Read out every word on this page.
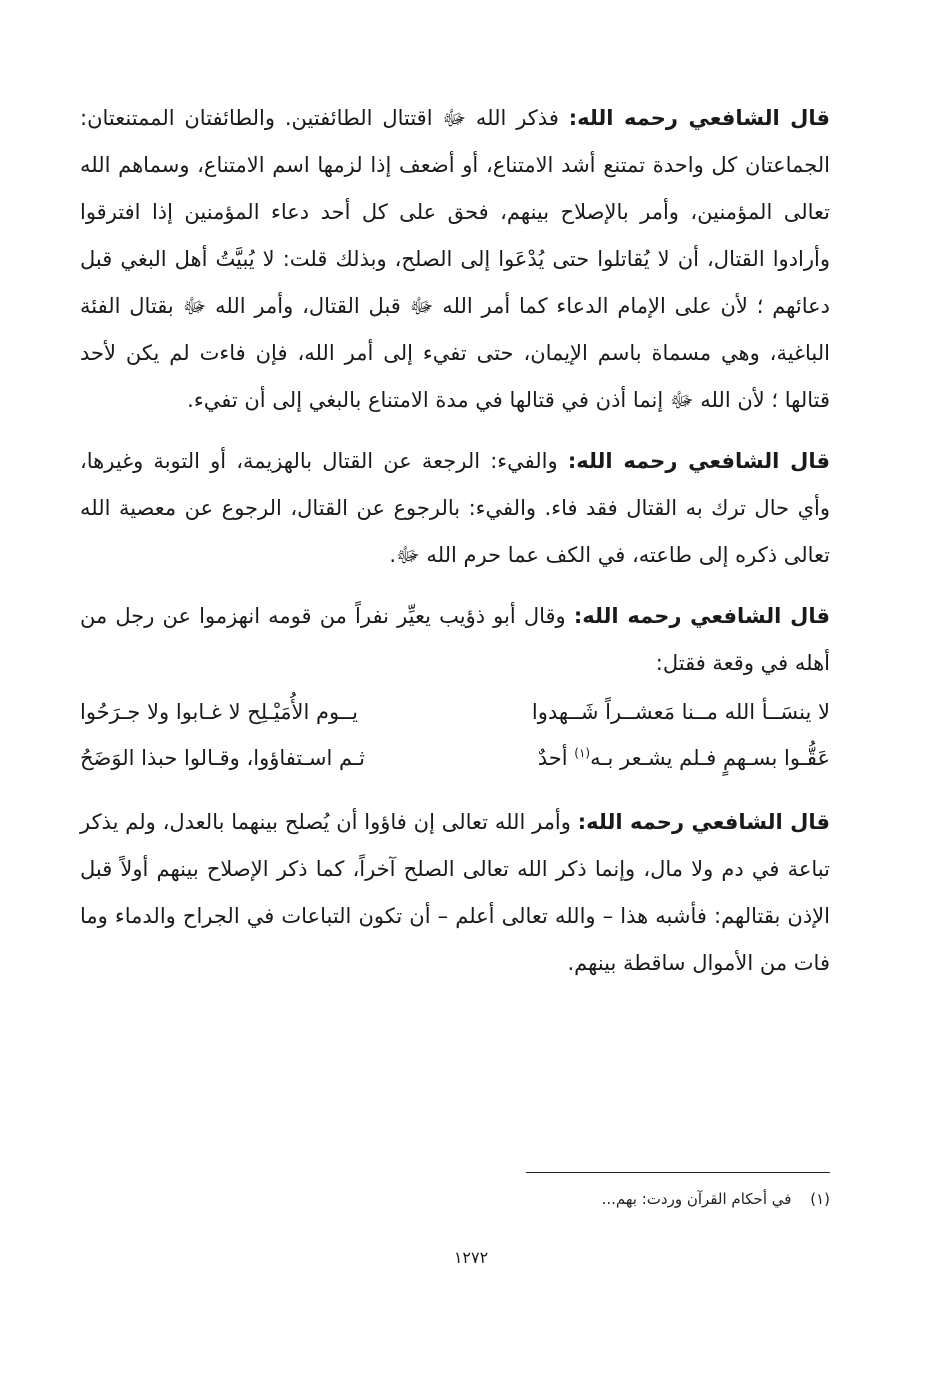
قال الشافعي رحمه الله: فذكر الله ﷻ اقتتال الطائفتين. والطائفتان الممتنعتان: الجماعتان كل واحدة تمتنع أشد الامتناع، أو أضعف إذا لزمها اسم الامتناع، وسماهم الله تعالى المؤمنين، وأمر بالإصلاح بينهم، فحق على كل أحد دعاء المؤمنين إذا افترقوا وأرادوا القتال، أن لا يُقاتلوا حتى يُدْعَوا إلى الصلح، وبذلك قلت: لا يُبيَّتُ أهل البغي قبل دعائهم ؛ لأن على الإمام الدعاء كما أمر الله ﷻ قبل القتال، وأمر الله ﷻ بقتال الفئة الباغية، وهي مسماة باسم الإيمان، حتى تفيء إلى أمر الله، فإن فاءت لم يكن لأحد قتالها ؛ لأن الله ﷻ إنما أذن في قتالها في مدة الامتناع بالبغي إلى أن تفيء.

قال الشافعي رحمه الله: والفيء: الرجعة عن القتال بالهزيمة، أو التوبة وغيرها، وأي حال ترك به القتال فقد فاء. والفيء: بالرجوع عن القتال، الرجوع عن معصية الله تعالى ذكره إلى طاعته، في الكف عما حرم الله ﷻ.

قال الشافعي رحمه الله: وقال أبو ذؤيب يعيِّر نفراً من قومه انهزموا عن رجل من أهله في وقعة فقتل:

لا ينسَــأ الله مــنا مَعشــراً شَــهدوا
يــوم الأُمَيْـلِح لا غـابوا ولا جـرَحُوا
عَقُّـوا بسـهمٍ فـلم يشـعر بـه$^{(١)}$ أحدٌ
ثـم اسـتفاؤوا، وقـالوا حبذا الوَضَحُ

قال الشافعي رحمه الله: وأمر الله تعالى إن فاؤوا أن يُصلح بينهما بالعدل، ولم يذكر تباعة في دم ولا مال، وإنما ذكر الله تعالى الصلح آخراً، كما ذكر الإصلاح بينهم أولاً قبل الإذن بقتالهم: فأشبه هذا – والله تعالى أعلم – أن تكون التباعات في الجراح والدماء وما فات من الأموال ساقطة بينهم.

(١) في أحكام القرآن وردت: بهم...
١٢٧٢
